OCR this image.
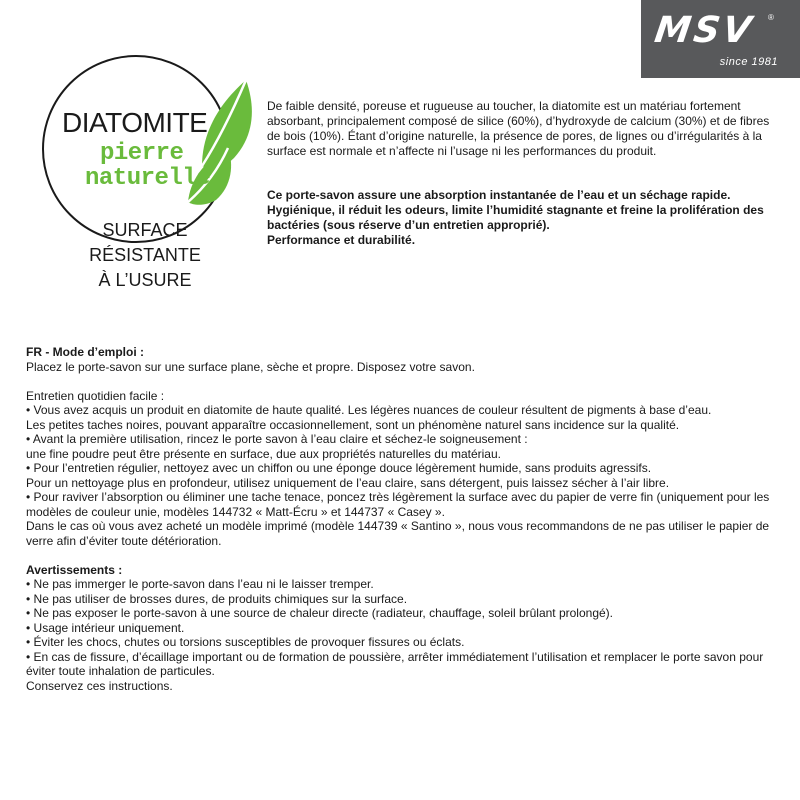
MSV ®
since 1981
DIATOMITE
pierre
naturelle
SURFACE
RÉSISTANTE
À L’USURE
De faible densité, poreuse et rugueuse au toucher, la diatomite est un matériau fortement absorbant, principalement composé de silice (60%), d’hydroxyde de calcium (30%) et de fibres de bois (10%). Étant d’origine naturelle, la présence de pores, de lignes ou d’irrégularités à la surface est normale et n’affecte ni l’usage ni les performances du produit.
Ce porte-savon assure une absorption instantanée de l’eau et un séchage rapide.
Hygiénique, il réduit les odeurs, limite l’humidité stagnante et freine la prolifération des bactéries (sous réserve d’un entretien approprié).
Performance et durabilité.

FR - Mode d’emploi :

Placez le porte-savon sur une surface plane, sèche et propre. Disposez votre savon.

Entretien quotidien facile :

• Vous avez acquis un produit en diatomite de haute qualité. Les légères nuances de couleur résultent de pigments à base d’eau.

Les petites taches noires, pouvant apparaître occasionnellement, sont un phénomène naturel sans incidence sur la qualité.

• Avant la première utilisation, rincez le porte savon à l’eau claire et séchez-le soigneusement :

une fine poudre peut être présente en surface, due aux propriétés naturelles du matériau.

• Pour l’entretien régulier, nettoyez avec un chiffon ou une éponge douce légèrement humide, sans produits agressifs.

Pour un nettoyage plus en profondeur, utilisez uniquement de l’eau claire, sans détergent, puis laissez sécher à l’air libre.

• Pour raviver l’absorption ou éliminer une tache tenace, poncez très légèrement la surface avec du papier de verre fin (uniquement pour les modèles de couleur unie, modèles 144732 « Matt-Écru » et 144737 « Casey ».

Dans le cas où vous avez acheté un modèle imprimé (modèle 144739 « Santino », nous vous recommandons de ne pas utiliser le papier de verre afin d’éviter toute détérioration.

Avertissements :

• Ne pas immerger le porte-savon dans l’eau ni le laisser tremper.

• Ne pas utiliser de brosses dures, de produits chimiques sur la surface.

• Ne pas exposer le porte-savon à une source de chaleur directe (radiateur, chauffage, soleil brûlant prolongé).

• Usage intérieur uniquement.

• Éviter les chocs, chutes ou torsions susceptibles de provoquer fissures ou éclats.

• En cas de fissure, d’écaillage important ou de formation de poussière, arrêter immédiatement l’utilisation et remplacer le porte savon pour éviter toute inhalation de particules.

Conservez ces instructions.
